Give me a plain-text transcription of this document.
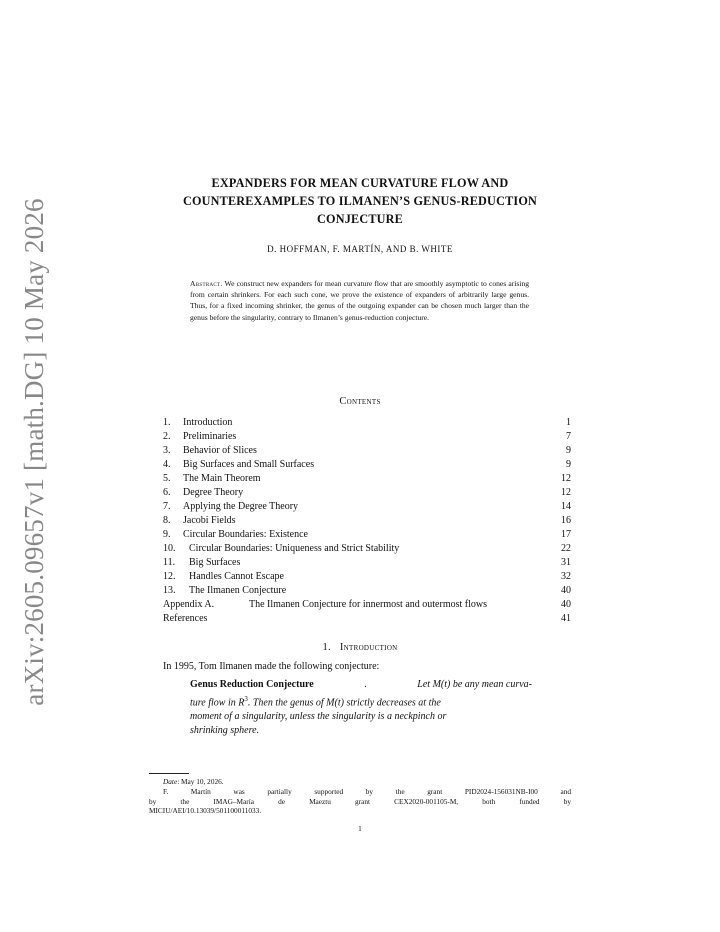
arXiv:2605.09657v1 [math.DG] 10 May 2026
EXPANDERS FOR MEAN CURVATURE FLOW AND
COUNTEREXAMPLES TO ILMANEN’S GENUS-REDUCTION
CONJECTURE
D. HOFFMAN, F. MARTÍN, AND B. WHITE
Abstract. We construct new expanders for mean curvature flow that are smoothly asymptotic to cones arising from certain shrinkers. For each such cone, we prove the existence of expanders of arbitrarily large genus. Thus, for a fixed incoming shrinker, the genus of the outgoing expander can be chosen much larger than the genus before the singularity, contrary to Ilmanen’s genus-reduction conjecture.
Contents
1.	Introduction	1
2.	Preliminaries	7
3.	Behavior of Slices	9
4.	Big Surfaces and Small Surfaces	9
5.	The Main Theorem	12
6.	Degree Theory	12
7.	Applying the Degree Theory	14
8.	Jacobi Fields	16
9.	Circular Boundaries: Existence	17
10.	Circular Boundaries: Uniqueness and Strict Stability	22
11.	Big Surfaces	31
12.	Handles Cannot Escape	32
13.	The Ilmanen Conjecture	40
Appendix A.	The Ilmanen Conjecture for innermost and outermost flows	40
References	41
1. Introduction
In 1995, Tom Ilmanen made the following conjecture:
Genus Reduction Conjecture	.	Let M(t) be any mean curva-
ture flow in $R^3$. Then the genus of M(t) strictly decreases at the
moment of a singularity, unless the singularity is a neckpinch or
shrinking sphere.
Date: May 10, 2026.
F. Martín was partially supported by the grant PID2024-156031NB-I00 and
by the IMAG–María de Maeztu grant CEX2020-001105-M, both funded by
MICIU/AEI/10.13039/501100011033.
1
